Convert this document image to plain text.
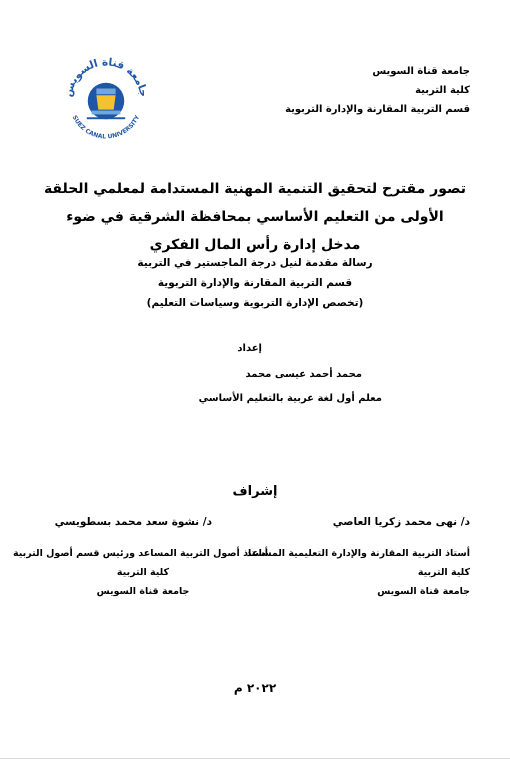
جامعة قناة السويس
كلية التربية
قسم التربية المقارنة والإدارة التربوية
جامعة قناة السويس
SUEZ CANAL UNIVERSITY
تصور مقترح لتحقيق التنمية المهنية المستدامة لمعلمي الحلقة
الأولى من التعليم الأساسي بمحافظة الشرقية في ضوء
مدخل إدارة رأس المال الفكري
رسالة مقدمة لنيل درجة الماجستير في التربية
قسم التربية المقارنة والإدارة التربوية
(تخصص الإدارة التربوية وسياسات التعليم)
إعداد
محمد أحمد عيسى محمد
معلم أول لغة عربية بالتعليم الأساسي
إشراف
د/ نهى محمد زكريا العاصي
أستاذ التربية المقارنة والإدارة التعليمية المساعد
كلية التربية
جامعة قناة السويس
د/ نشوة سعد محمد بسطويسي
أستاذ أصول التربية المساعد ورئيس قسم أصول التربية
كلية التربية
جامعة قناة السويس
٢٠٢٢ م
